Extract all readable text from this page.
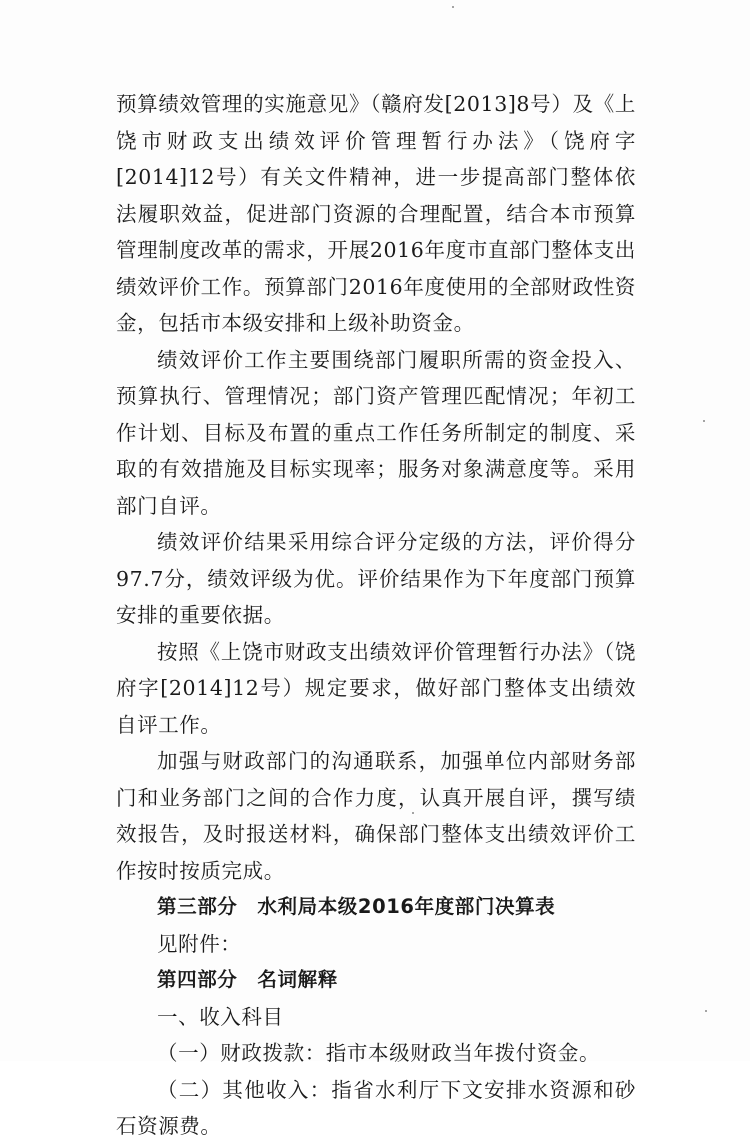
预算绩效管理的实施意见》（赣府发[2013]8号）及《上饶市财政支出绩效评价管理暂行办法》（饶府字[2014]12号）有关文件精神，进一步提高部门整体依法履职效益，促进部门资源的合理配置，结合本市预算管理制度改革的需求，开展2016年度市直部门整体支出绩效评价工作。预算部门2016年度使用的全部财政性资金，包括市本级安排和上级补助资金。

绩效评价工作主要围绕部门履职所需的资金投入、预算执行、管理情况；部门资产管理匹配情况；年初工作计划、目标及布置的重点工作任务所制定的制度、采取的有效措施及目标实现率；服务对象满意度等。采用部门自评。

绩效评价结果采用综合评分定级的方法，评价得分97.7分，绩效评级为优。评价结果作为下年度部门预算安排的重要依据。

按照《上饶市财政支出绩效评价管理暂行办法》（饶府字[2014]12号）规定要求，做好部门整体支出绩效自评工作。

加强与财政部门的沟通联系，加强单位内部财务部门和业务部门之间的合作力度，认真开展自评，撰写绩效报告，及时报送材料，确保部门整体支出绩效评价工作按时按质完成。

第三部分 水利局本级2016年度部门决算表

见附件：

第四部分 名词解释

一、收入科目

（一）财政拨款：指市本级财政当年拨付资金。

（二）其他收入：指省水利厅下文安排水资源和砂石资源费。
